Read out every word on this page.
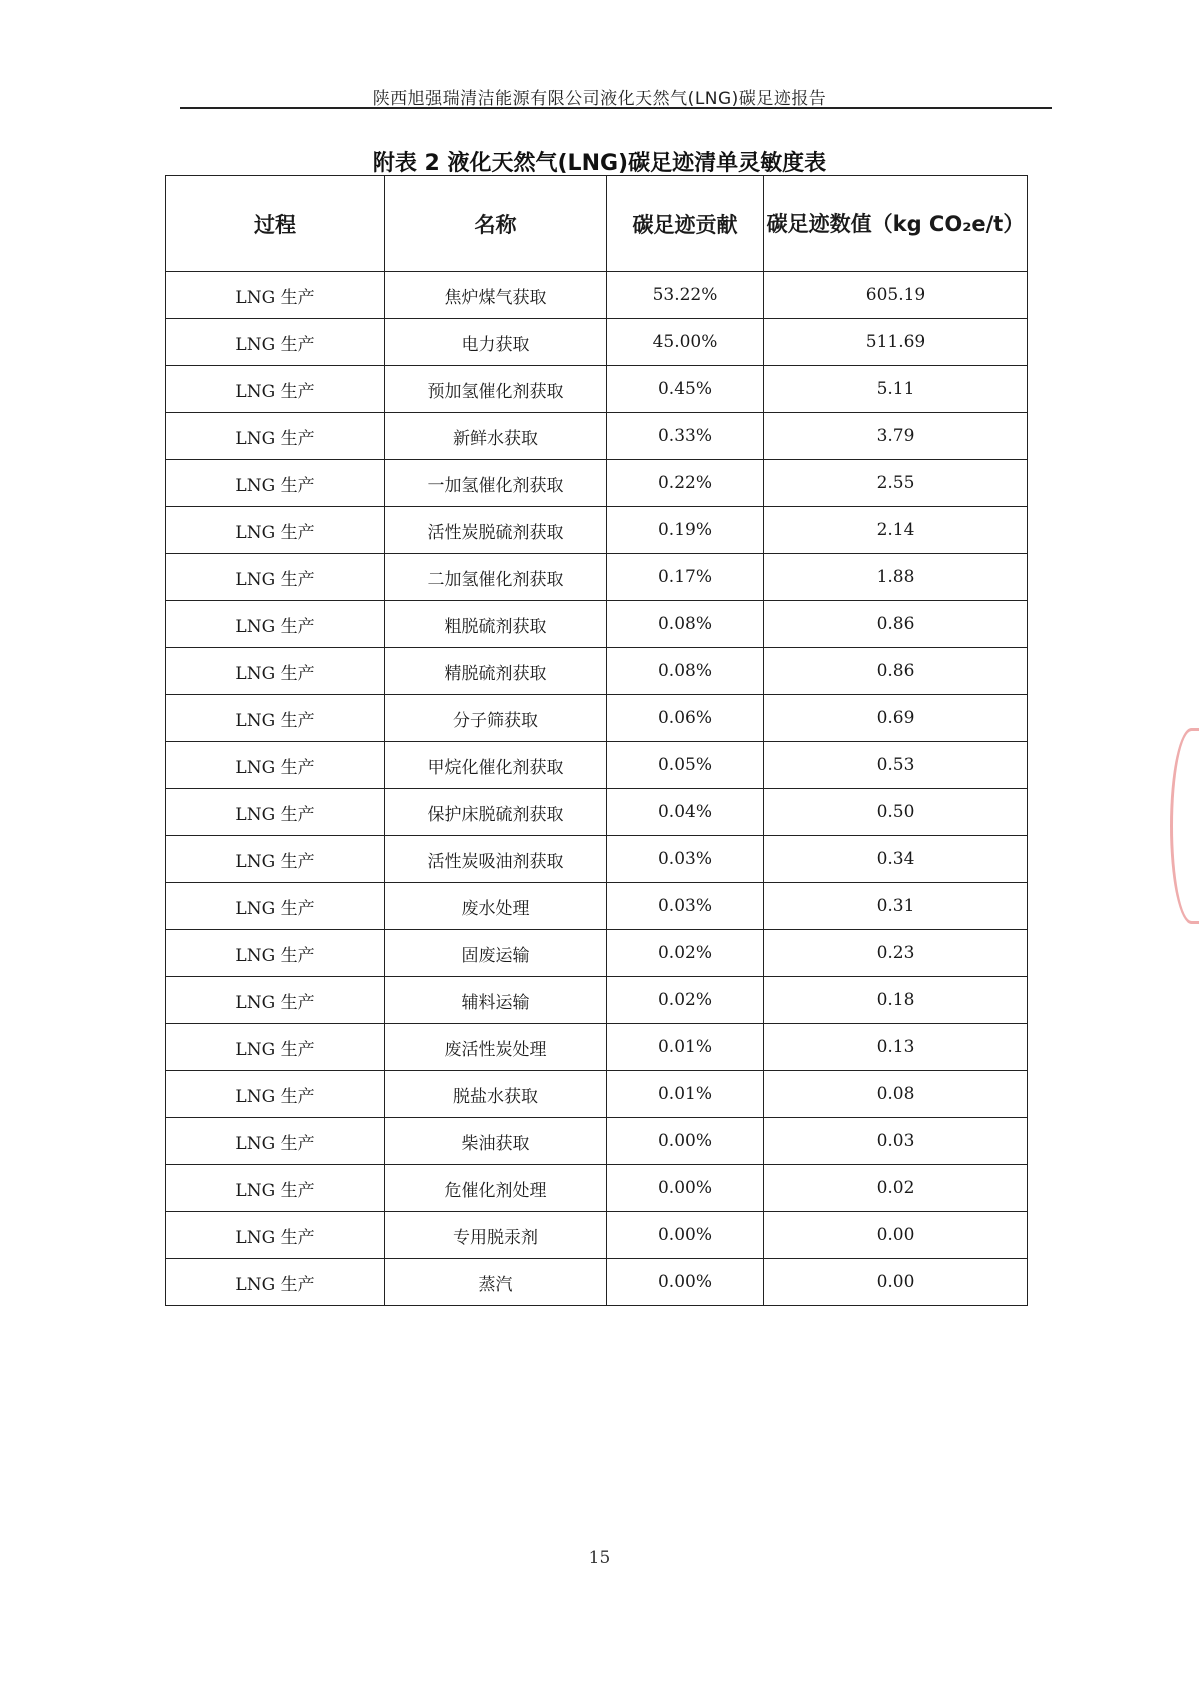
陕西旭强瑞清洁能源有限公司液化天然气(LNG)碳足迹报告
附表 2 液化天然气(LNG)碳足迹清单灵敏度表
过程	名称	碳足迹贡献	碳足迹数值（kg CO₂e/t）
LNG 生产	焦炉煤气获取	53.22%	605.19
LNG 生产	电力获取	45.00%	511.69
LNG 生产	预加氢催化剂获取	0.45%	5.11
LNG 生产	新鲜水获取	0.33%	3.79
LNG 生产	一加氢催化剂获取	0.22%	2.55
LNG 生产	活性炭脱硫剂获取	0.19%	2.14
LNG 生产	二加氢催化剂获取	0.17%	1.88
LNG 生产	粗脱硫剂获取	0.08%	0.86
LNG 生产	精脱硫剂获取	0.08%	0.86
LNG 生产	分子筛获取	0.06%	0.69
LNG 生产	甲烷化催化剂获取	0.05%	0.53
LNG 生产	保护床脱硫剂获取	0.04%	0.50
LNG 生产	活性炭吸油剂获取	0.03%	0.34
LNG 生产	废水处理	0.03%	0.31
LNG 生产	固废运输	0.02%	0.23
LNG 生产	辅料运输	0.02%	0.18
LNG 生产	废活性炭处理	0.01%	0.13
LNG 生产	脱盐水获取	0.01%	0.08
LNG 生产	柴油获取	0.00%	0.03
LNG 生产	危催化剂处理	0.00%	0.02
LNG 生产	专用脱汞剂	0.00%	0.00
LNG 生产	蒸汽	0.00%	0.00
15
